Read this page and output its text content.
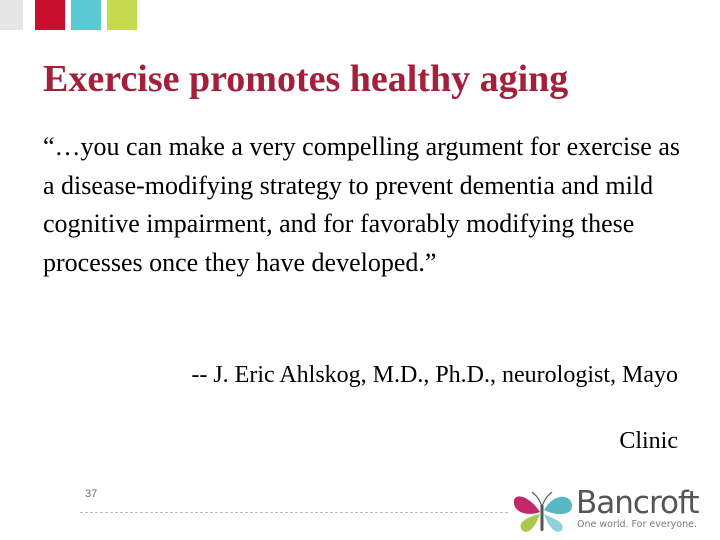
Exercise promotes healthy aging

“…you can make a very compelling argument for exercise as a disease-modifying strategy to prevent dementia and mild cognitive impairment, and for favorably modifying these processes once they have developed.”

-- J. Eric Ahlskog, M.D., Ph.D., neurologist, Mayo

Clinic

37	Bancroft
One world. For everyone.
